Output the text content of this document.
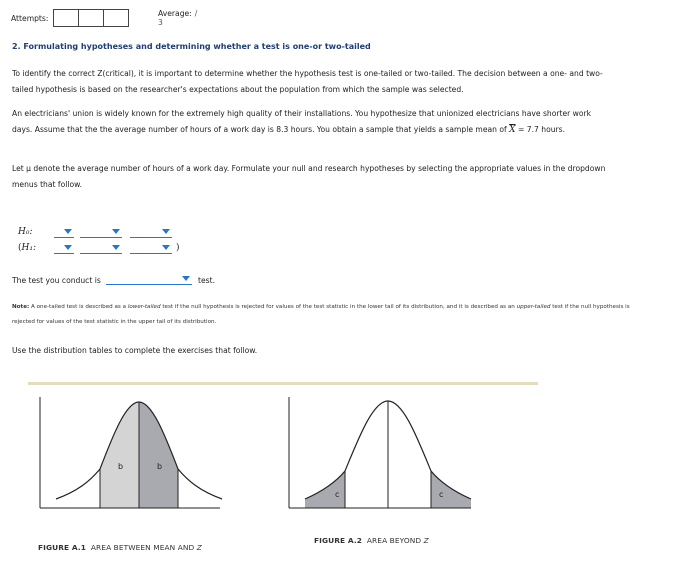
Attempts:	Average: / 3
2. Formulating hypotheses and determining whether a test is one-or two-tailed
To identify the correct Z(critical), it is important to determine whether the hypothesis test is one-tailed or two-tailed. The decision between a one- and two-tailed hypothesis is based on the researcher's expectations about the population from which the sample was selected.
An electricians' union is widely known for the extremely high quality of their installations. You hypothesize that unionized electricians have shorter work days. Assume that the the average number of hours of a work day is 8.3 hours. You obtain a sample that yields a sample mean of $\overline{X} = 7.7$ hours.
Let μ denote the average number of hours of a work day. Formulate your null and research hypotheses by selecting the appropriate values in the dropdown menus that follow.
H₀:
(H₁:	)
The test you conduct is	test.
Note: A one-tailed test is described as a lower-tailed test if the null hypothesis is rejected for values of the test statistic in the lower tail of its distribution, and it is described as an upper-tailed test if the null hypothesis is rejected for values of the test statistic in the upper tail of its distribution.
Use the distribution tables to complete the exercises that follow.
b	b
FIGURE A.1 AREA BETWEEN MEAN AND Z
c	c
FIGURE A.2 AREA BEYOND Z
